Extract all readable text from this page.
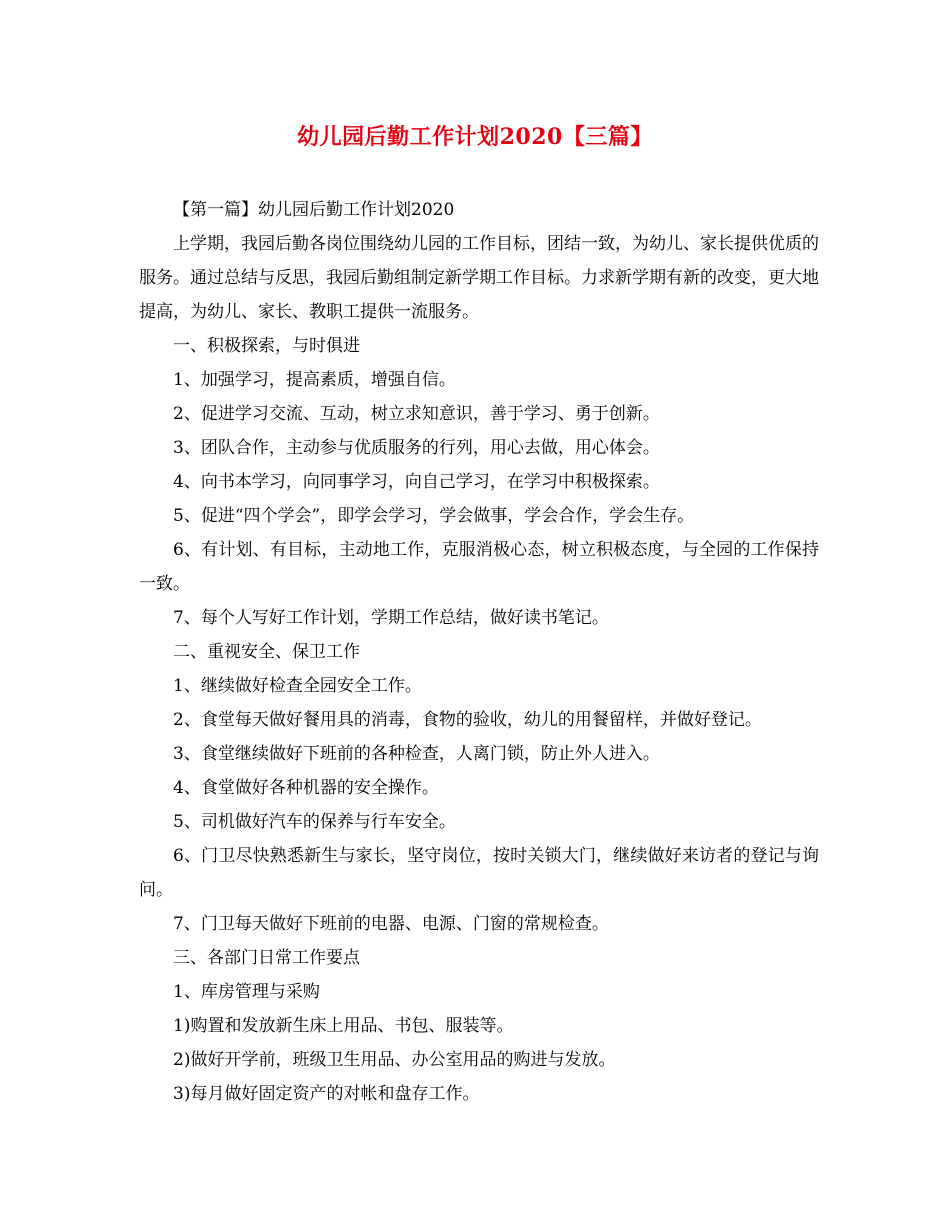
幼儿园后勤工作计划2020【三篇】

【第一篇】幼儿园后勤工作计划2020

上学期，我园后勤各岗位围绕幼儿园的工作目标，团结一致，为幼儿、家长提供优质的服务。通过总结与反思，我园后勤组制定新学期工作目标。力求新学期有新的改变，更大地提高，为幼儿、家长、教职工提供一流服务。

一、积极探索，与时俱进

1、加强学习，提高素质，增强自信。

2、促进学习交流、互动，树立求知意识，善于学习、勇于创新。

3、团队合作，主动参与优质服务的行列，用心去做，用心体会。

4、向书本学习，向同事学习，向自己学习，在学习中积极探索。

5、促进“四个学会”，即学会学习，学会做事，学会合作，学会生存。

6、有计划、有目标，主动地工作，克服消极心态，树立积极态度，与全园的工作保持一致。

7、每个人写好工作计划，学期工作总结，做好读书笔记。

二、重视安全、保卫工作

1、继续做好检查全园安全工作。

2、食堂每天做好餐用具的消毒，食物的验收，幼儿的用餐留样，并做好登记。

3、食堂继续做好下班前的各种检查，人离门锁，防止外人进入。

4、食堂做好各种机器的安全操作。

5、司机做好汽车的保养与行车安全。

6、门卫尽快熟悉新生与家长，坚守岗位，按时关锁大门，继续做好来访者的登记与询问。

7、门卫每天做好下班前的电器、电源、门窗的常规检查。

三、各部门日常工作要点

1、库房管理与采购

1)购置和发放新生床上用品、书包、服装等。

2)做好开学前，班级卫生用品、办公室用品的购进与发放。

3)每月做好固定资产的对帐和盘存工作。
